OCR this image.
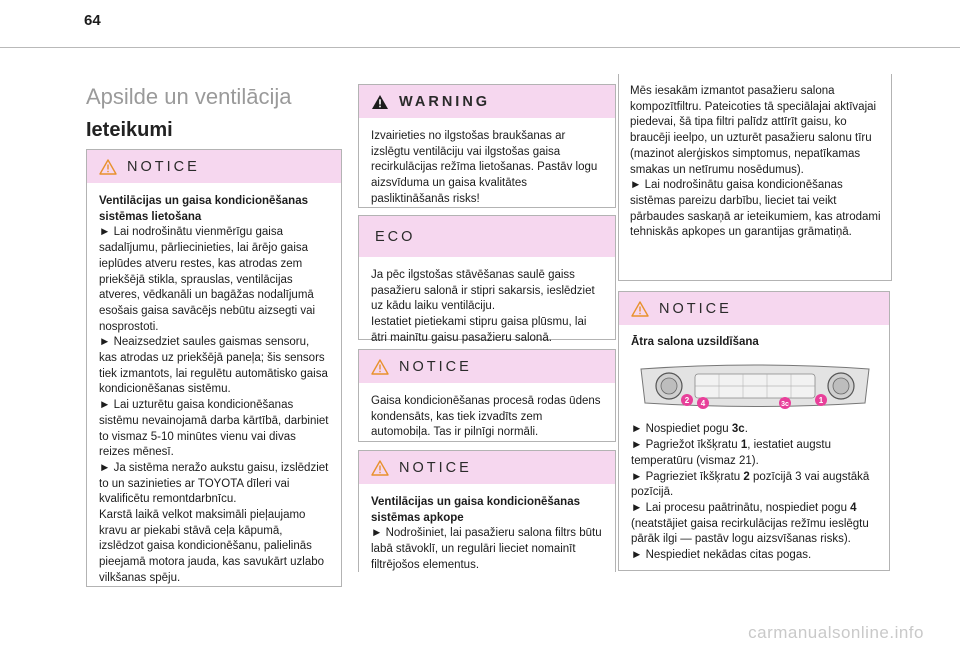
64
Apsilde un ventilācija
Ieteikumi
NOTICE

Ventilācijas un gaisa kondicionēšanas sistēmas lietošana

► Lai nodrošinātu vienmērīgu gaisa sadalījumu, pārliecinieties, lai ārējo gaisa ieplūdes atveru restes, kas atrodas zem priekšējā stikla, sprauslas, ventilācijas atveres, vēdkanāli un bagāžas nodalījumā esošais gaisa savācējs nebūtu aizsegti vai nosprostoti.

► Neaizsedziet saules gaismas sensoru, kas atrodas uz priekšējā paneļa; šis sensors tiek izmantots, lai regulētu automātisko gaisa kondicionēšanas sistēmu.

► Lai uzturētu gaisa kondicionēšanas sistēmu nevainojamā darba kārtībā, darbiniet to vismaz 5-10 minūtes vienu vai divas reizes mēnesī.

► Ja sistēma neražo aukstu gaisu, izslēdziet to un sazinieties ar TOYOTA dīleri vai kvalificētu remontdarbnīcu.

Karstā laikā velkot maksimāli pieļaujamo kravu ar piekabi stāvā ceļa kāpumā, izslēdzot gaisa kondicionēšanu, palielinās pieejamā motora jauda, kas savukārt uzlabo vilkšanas spēju.

WARNING

Izvairieties no ilgstošas braukšanas ar izslēgtu ventilāciju vai ilgstošas gaisa recirkulācijas režīma lietošanas. Pastāv logu aizsvīduma un gaisa kvalitātes pasliktināšanās risks!

ECO

Ja pēc ilgstošas stāvēšanas saulē gaiss pasažieru salonā ir stipri sakarsis, ieslēdziet uz kādu laiku ventilāciju.

Iestatiet pietiekami stipru gaisa plūsmu, lai ātri mainītu gaisu pasažieru salonā.

NOTICE

Gaisa kondicionēšanas procesā rodas ūdens kondensāts, kas tiek izvadīts zem automobiļa. Tas ir pilnīgi normāli.

NOTICE

Ventilācijas un gaisa kondicionēšanas sistēmas apkope

► Nodrošiniet, lai pasažieru salona filtrs būtu labā stāvoklī, un regulāri lieciet nomainīt filtrējošos elementus.

Mēs iesakām izmantot pasažieru salona kompozītfiltru. Pateicoties tā speciālajai aktīvajai piedevai, šā tipa filtri palīdz attīrīt gaisu, ko braucēji ieelpo, un uzturēt pasažieru salonu tīru (mazinot alerģiskos simptomus, nepatīkamas smakas un netīrumu nosēdumus).

► Lai nodrošinātu gaisa kondicionēšanas sistēmas pareizu darbību, lieciet tai veikt pārbaudes saskaņā ar ieteikumiem, kas atrodami tehniskās apkopes un garantijas grāmatiņā.

NOTICE

Ātra salona uzsildīšana

2 4	3c	1

► Nospiediet pogu 3c.

► Pagriežot īkšķratu 1, iestatiet augstu temperatūru (vismaz 21).

► Pagrieziet īkšķratu 2 pozīcijā 3 vai augstākā pozīcijā.

► Lai procesu paātrinātu, nospiediet pogu 4 (neatstājiet gaisa recirkulācijas režīmu ieslēgtu pārāk ilgi — pastāv logu aizsvīšanas risks).

► Nespiediet nekādas citas pogas.

carmanualsonline.info
